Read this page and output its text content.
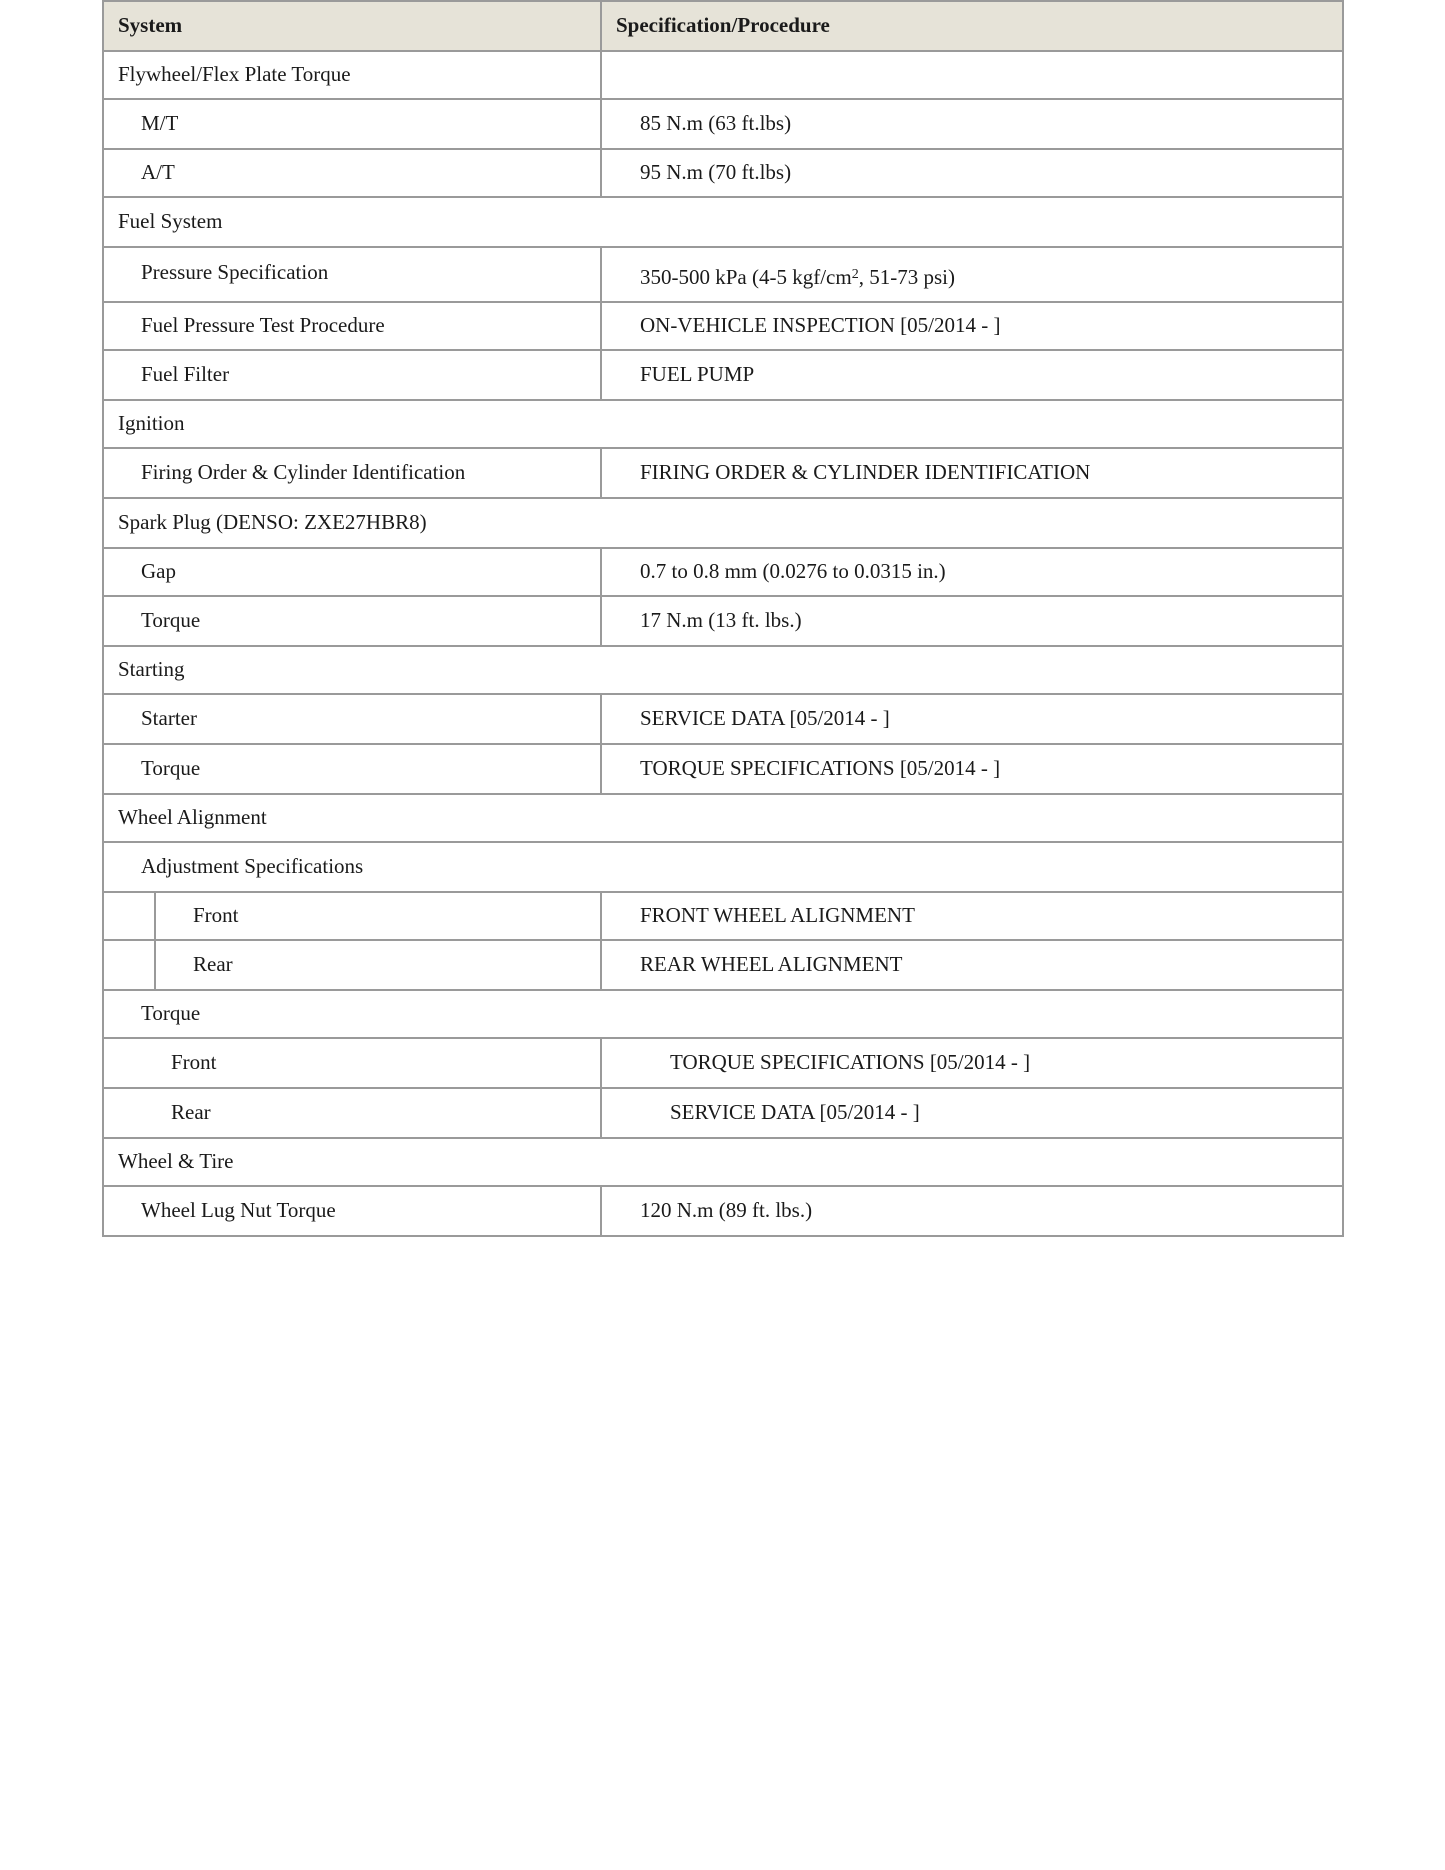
System	Specification/Procedure
Flywheel/Flex Plate Torque
M/T	85 N.m (63 ft.lbs)
A/T	95 N.m (70 ft.lbs)
Fuel System
Pressure Specification	350-500 kPa (4-5 kgf/$cm^2$ , 51-73 psi)
Fuel Pressure Test Procedure	ON-VEHICLE INSPECTION [05/2014 - ]
Fuel Filter	FUEL PUMP
Ignition
Firing Order & Cylinder Identification	FIRING ORDER & CYLINDER IDENTIFICATION
Spark Plug (DENSO: ZXE27HBR8)
Gap	0.7 to 0.8 mm (0.0276 to 0.0315 in.)
Torque	17 N.m (13 ft. lbs.)
Starting
Starter	SERVICE DATA [05/2014 - ]
Torque	TORQUE SPECIFICATIONS [05/2014 - ]
Wheel Alignment
Adjustment Specifications
Front	FRONT WHEEL ALIGNMENT
Rear	REAR WHEEL ALIGNMENT
Torque
Front	TORQUE SPECIFICATIONS [05/2014 - ]
Rear	SERVICE DATA [05/2014 - ]
Wheel & Tire
Wheel Lug Nut Torque	120 N.m (89 ft. lbs.)
